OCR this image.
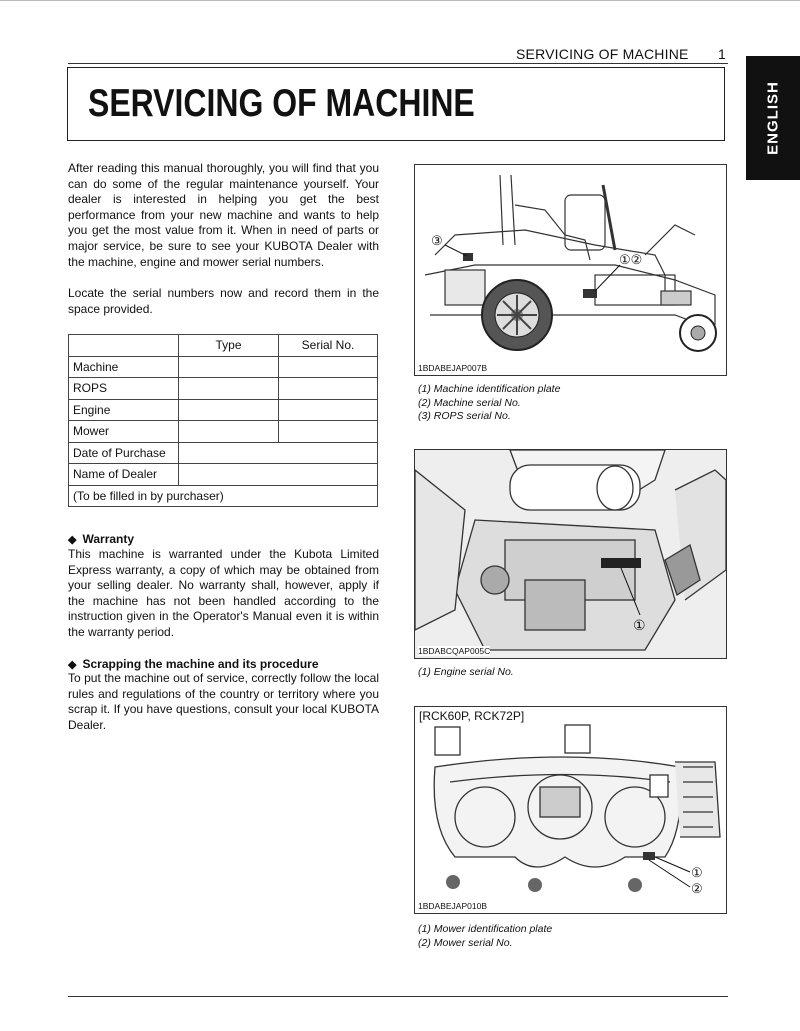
SERVICING OF MACHINE 1
ENGLISH
SERVICING OF MACHINE
After reading this manual thoroughly, you will find that you can do some of the regular maintenance yourself. Your dealer is interested in helping you get the best performance from your new machine and wants to help you get the most value from it. When in need of parts or major service, be sure to see your KUBOTA Dealer with the machine, engine and mower serial numbers.
Locate the serial numbers now and record them in the space provided.
	Type	Serial No.
Machine		
ROPS		
Engine		
Mower		
Date of Purchase		
Name of Dealer		
(To be filled in by purchaser)		
◆ Warranty
This machine is warranted under the Kubota Limited Express warranty, a copy of which may be obtained from your selling dealer. No warranty shall, however, apply if the machine has not been handled according to the instruction given in the Operator's Manual even it is within the warranty period.
◆ Scrapping the machine and its procedure
To put the machine out of service, correctly follow the local rules and regulations of the country or territory where you scrap it. If you have questions, consult your local KUBOTA Dealer.
③
①②
1BDABEJAP007B
(1) Machine identification plate
(2) Machine serial No.
(3) ROPS serial No.
①
1BDABCQAP005C
(1) Engine serial No.
[RCK60P, RCK72P]
①
②
1BDABEJAP010B
(1) Mower identification plate
(2) Mower serial No.
